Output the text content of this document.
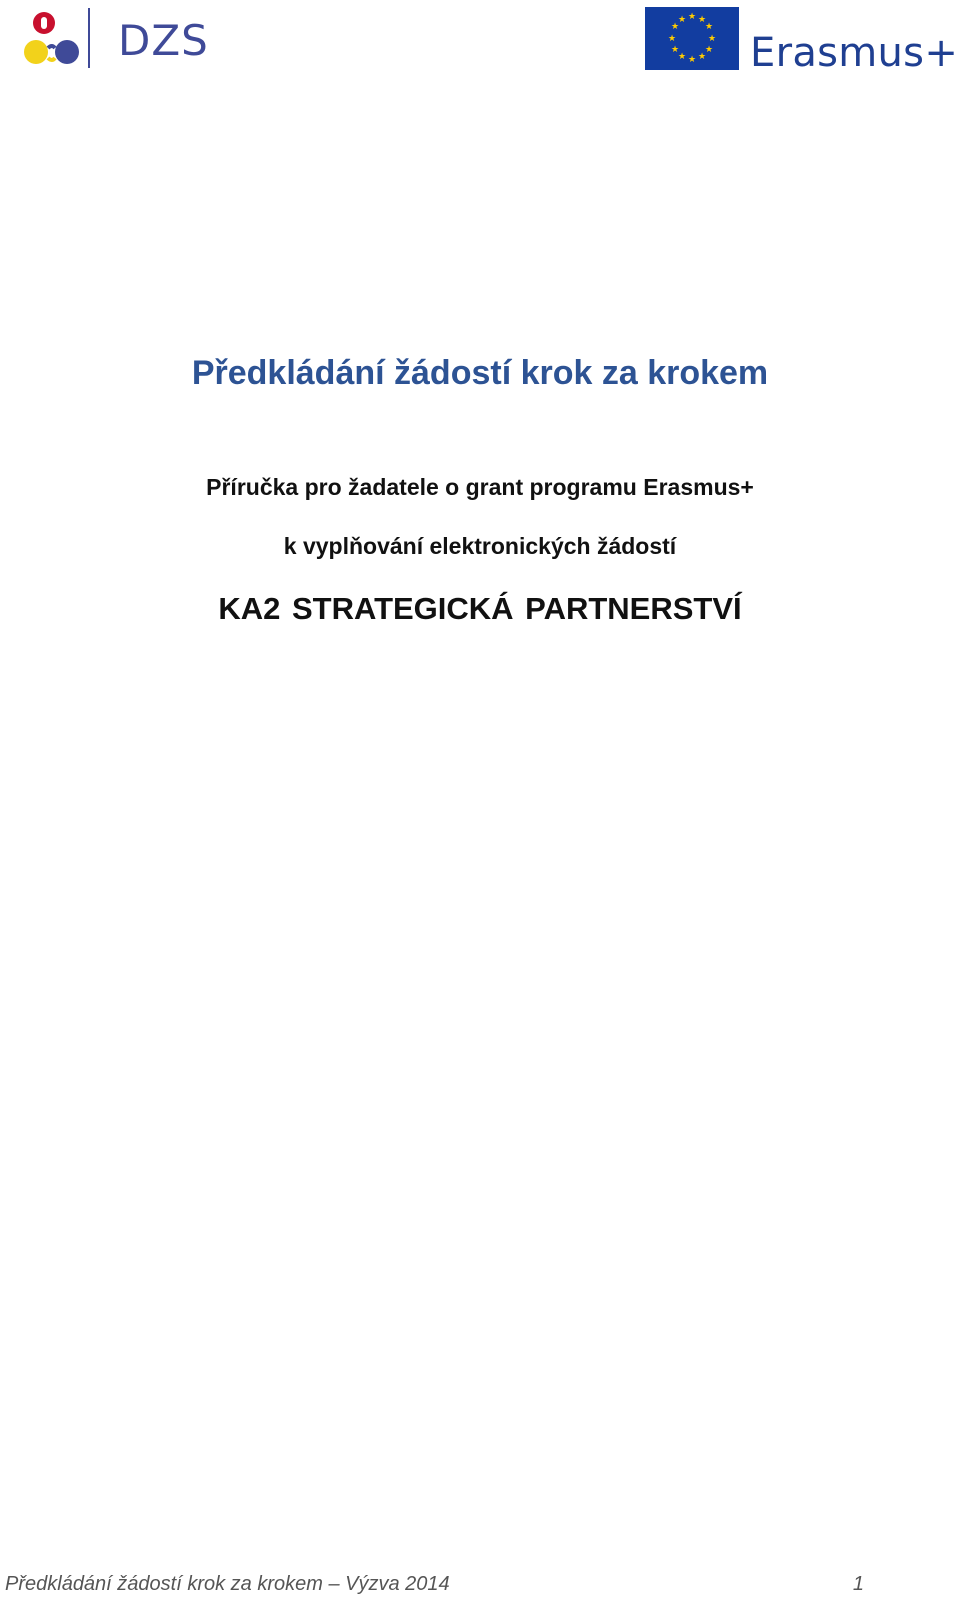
DZS	★ ★
★
★
★
★
★
★
★
★
★
★
Erasmus+
Předkládání žádostí krok za krokem
Příručka pro žadatele o grant programu Erasmus+
k vyplňování elektronických žádostí
KA2 STRATEGICKÁ PARTNERSTVÍ
Předkládání žádostí krok za krokem – Výzva 2014	1
